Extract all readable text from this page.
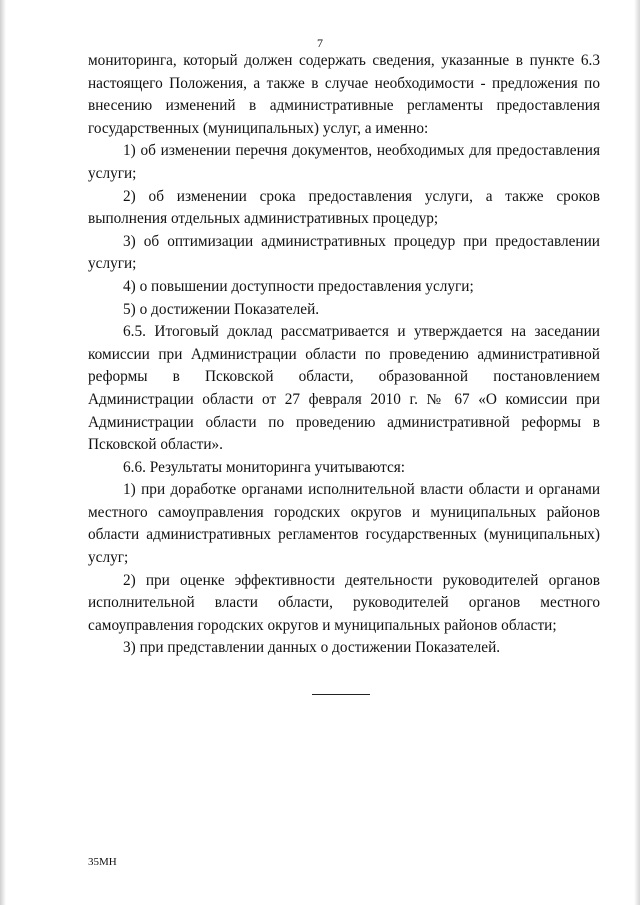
7

мониторинга, который должен содержать сведения, указанные в пункте 6.3 настоящего Положения, а также в случае необходимости - предложения по внесению изменений в административные регламенты предоставления государственных (муниципальных) услуг, а именно:

1) об изменении перечня документов, необходимых для предоставления услуги;

2) об изменении срока предоставления услуги, а также сроков выполнения отдельных административных процедур;

3) об оптимизации административных процедур при предоставлении услуги;

4) о повышении доступности предоставления услуги;

5) о достижении Показателей.

6.5. Итоговый доклад рассматривается и утверждается на заседании комиссии при Администрации области по проведению административной реформы в Псковской области, образованной постановлением Администрации области от 27 февраля 2010 г. № 67 «О комиссии при Администрации области по проведению административной реформы в Псковской области».

6.6. Результаты мониторинга учитываются:

1) при доработке органами исполнительной власти области и органами местного самоуправления городских округов и муниципальных районов области административных регламентов государственных (муниципальных) услуг;

2) при оценке эффективности деятельности руководителей органов исполнительной власти области, руководителей органов местного самоуправления городских округов и муниципальных районов области;

3) при представлении данных о достижении Показателей.

35МН
